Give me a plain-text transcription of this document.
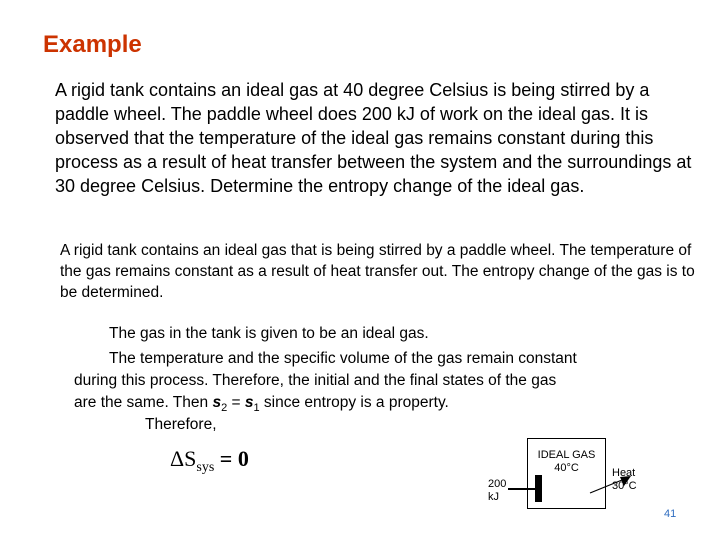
Example

A rigid tank contains an ideal gas at 40 degree Celsius is being stirred by a paddle wheel. The paddle wheel does 200 kJ of work on the ideal gas. It is observed that the temperature of the ideal gas remains constant during this process as a result of heat transfer between the system and the surroundings at 30 degree Celsius. Determine the entropy change of the ideal gas.

A rigid tank contains an ideal gas that is being stirred by a paddle wheel. The temperature of the gas remains constant as a result of heat transfer out. The entropy change of the gas is to be determined.

The gas in the tank is given to be an ideal gas.
The temperature and the specific volume of the gas remain constant
during this process. Therefore, the initial and the final states of the gas
are the same. Then $s_2 = s_1$ since entropy is a property.
Therefore,
$\Delta S_{sys} = 0$	IDEAL GAS
40°C
200
kJ
Heat
30°C
41
